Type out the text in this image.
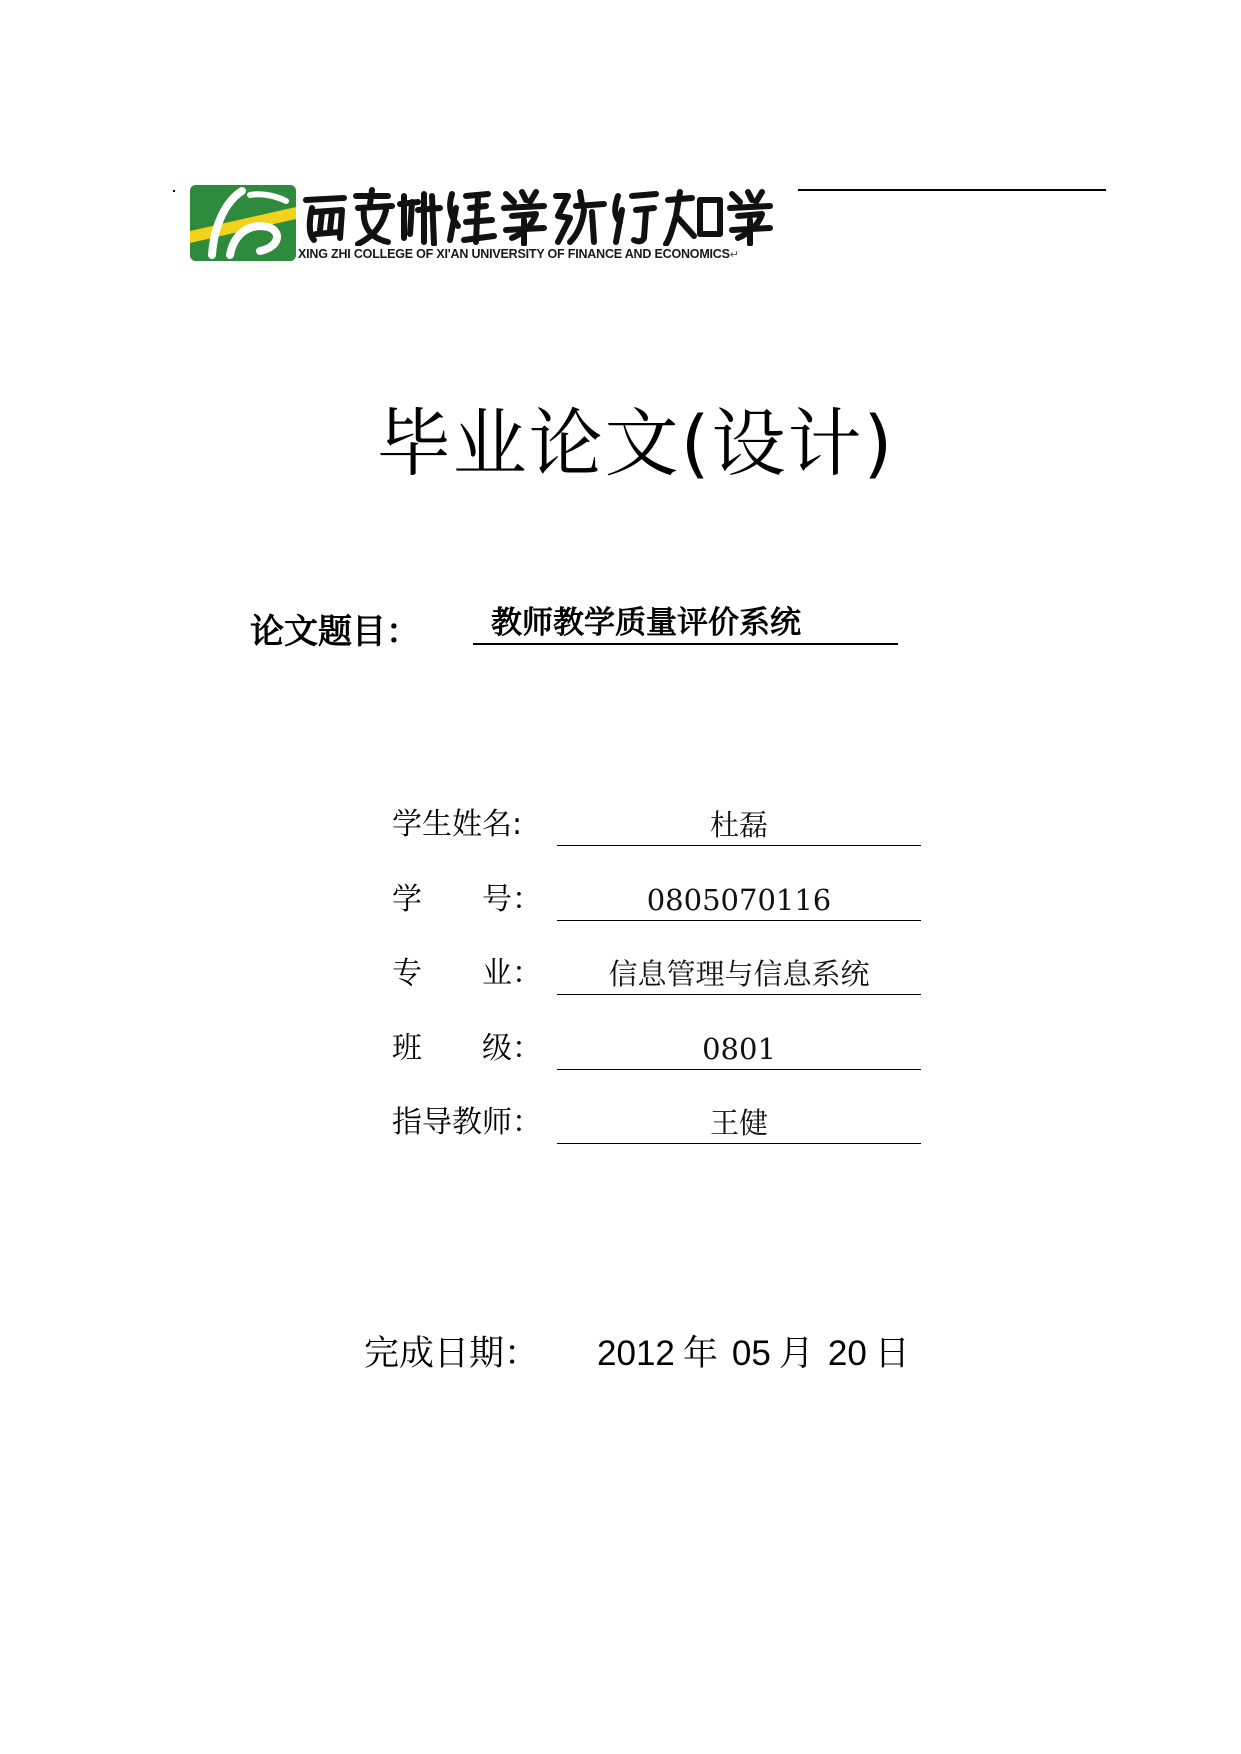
XING ZHI COLLEGE OF XI'AN UNIVERSITY OF FINANCE AND ECONOMICS↵
毕业论文(设计)
论文题目：	教师教学质量评价系统
学生姓名:	杜磊
学　　号：	0805070116
专　　业：	信息管理与信息系统
班　　级：	0801
指导教师：	王健
完成日期： 2012 年 05 月 20 日
